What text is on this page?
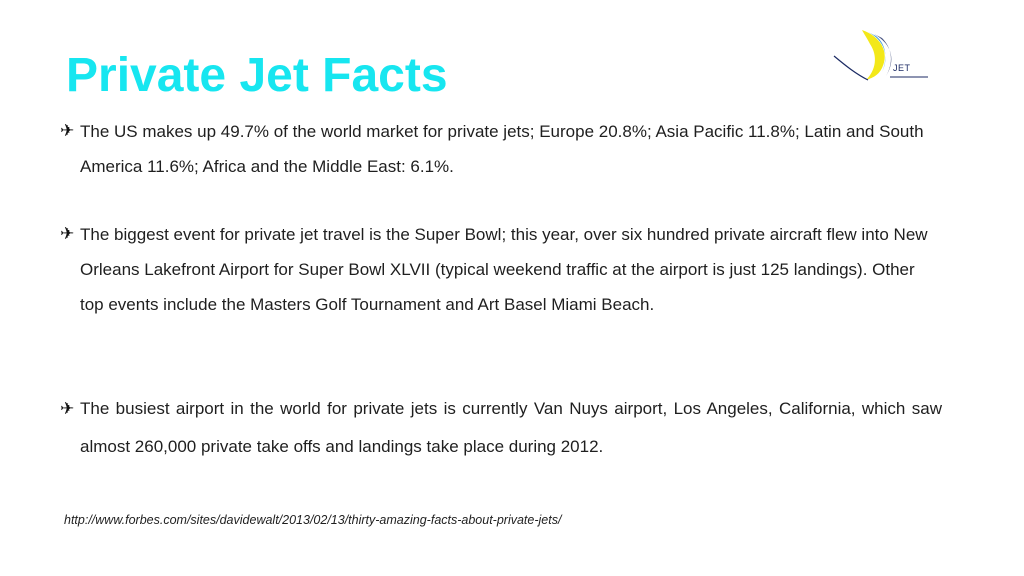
Private Jet Facts	JET

✈ The US makes up 49.7% of the world market for private jets; Europe 20.8%; Asia Pacific 11.8%; Latin and South America 11.6%; Africa and the Middle East: 6.1%.

✈ The biggest event for private jet travel is the Super Bowl; this year, over six hundred private aircraft flew into New Orleans Lakefront Airport for Super Bowl XLVII (typical weekend traffic at the airport is just 125 landings). Other top events include the Masters Golf Tournament and Art Basel Miami Beach.

✈ The busiest airport in the world for private jets is currently Van Nuys airport, Los Angeles, California, which saw almost 260,000 private take offs and landings take place during 2012.

http://www.forbes.com/sites/davidewalt/2013/02/13/thirty-amazing-facts-about-private-jets/
